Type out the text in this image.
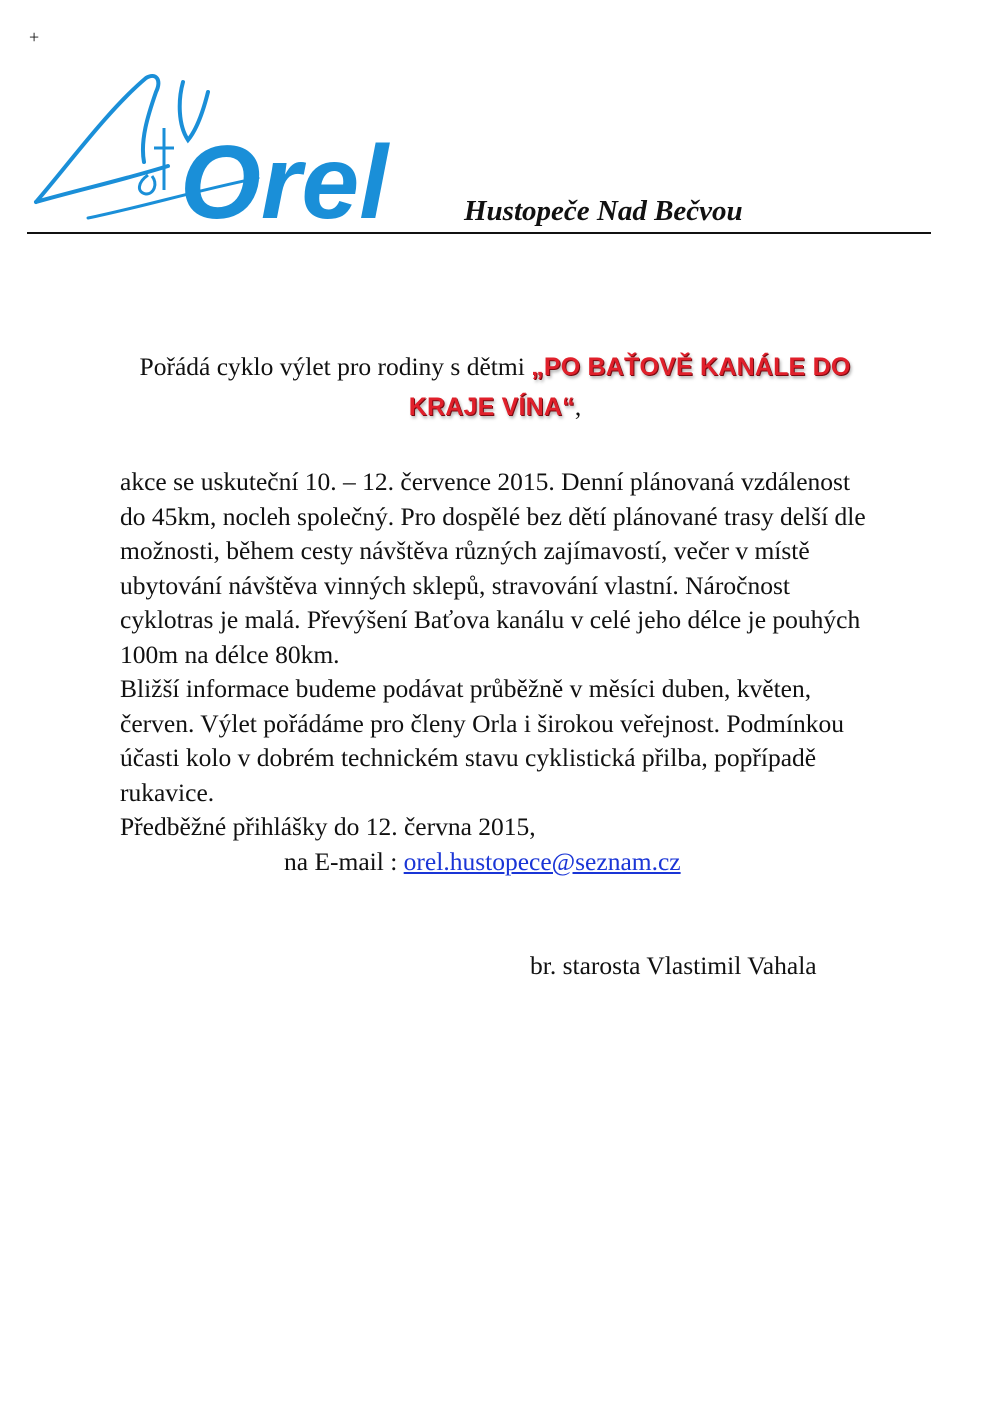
+
Orel	Hustopeče Nad Bečvou
Pořádá cyklo výlet pro rodiny s dětmi „PO BAŤOVĚ KANÁLE DO KRAJE VÍNA“,

akce se uskuteční 10. – 12. července 2015. Denní plánovaná vzdálenost do 45km, nocleh společný. Pro dospělé bez dětí plánované trasy delší dle možnosti, během cesty návštěva různých zajímavostí, večer v místě ubytování návštěva vinných sklepů, stravování vlastní. Náročnost cyklotras je malá. Převýšení Baťova kanálu v celé jeho délce je pouhých 100m na délce 80km.

Bližší informace budeme podávat průběžně v měsíci duben, květen, červen. Výlet pořádáme pro členy Orla i širokou veřejnost. Podmínkou účasti kolo v dobrém technickém stavu cyklistická přilba, popřípadě rukavice.

Předběžné přihlášky do 12. června 2015,

na E-mail : orel.hustopece@seznam.cz

br. starosta Vlastimil Vahala
